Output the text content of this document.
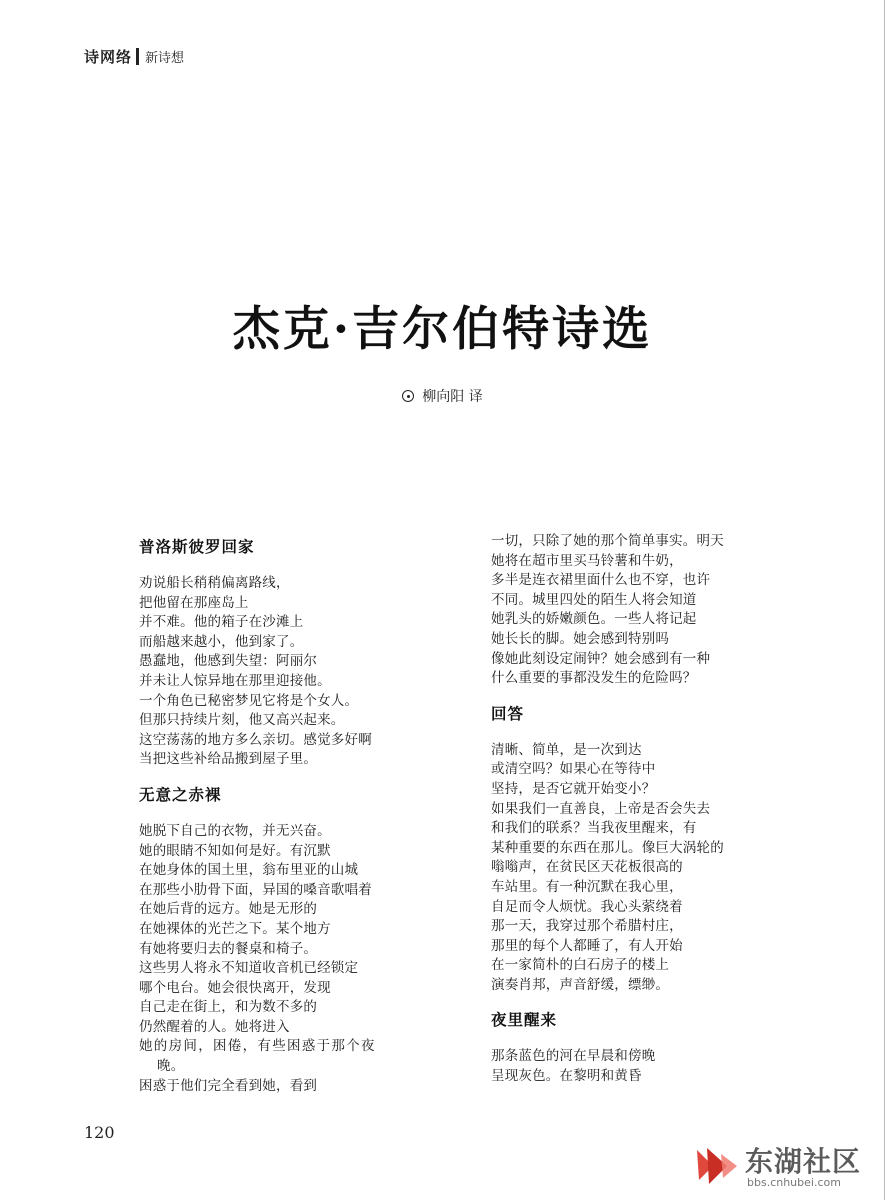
诗网络 新诗想
杰克·吉尔伯特诗选
柳向阳 译
普洛斯彼罗回家
劝说船长稍稍偏离路线，
把他留在那座岛上
并不难。他的箱子在沙滩上
而船越来越小，他到家了。
愚蠢地，他感到失望：阿丽尔
并未让人惊异地在那里迎接他。
一个角色已秘密梦见它将是个女人。
但那只持续片刻，他又高兴起来。
这空荡荡的地方多么亲切。感觉多好啊
当把这些补给品搬到屋子里。
无意之赤裸
她脱下自己的衣物，并无兴奋。
她的眼睛不知如何是好。有沉默
在她身体的国土里，翁布里亚的山城
在那些小肋骨下面，异国的嗓音歌唱着
在她后背的远方。她是无形的
在她裸体的光芒之下。某个地方
有她将要归去的餐桌和椅子。
这些男人将永不知道收音机已经锁定
哪个电台。她会很快离开，发现
自己走在街上，和为数不多的
仍然醒着的人。她将进入
她的房间，困倦，有些困惑于那个夜
晚。
困惑于他们完全看到她，看到
一切，只除了她的那个简单事实。明天
她将在超市里买马铃薯和牛奶，
多半是连衣裙里面什么也不穿，也许
不同。城里四处的陌生人将会知道
她乳头的娇嫩颜色。一些人将记起
她长长的脚。她会感到特别吗
像她此刻设定闹钟？她会感到有一种
什么重要的事都没发生的危险吗？
回答
清晰、简单，是一次到达
或清空吗？如果心在等待中
坚持，是否它就开始变小？
如果我们一直善良，上帝是否会失去
和我们的联系？当我夜里醒来，有
某种重要的东西在那儿。像巨大涡轮的
嗡嗡声，在贫民区天花板很高的
车站里。有一种沉默在我心里，
自足而令人烦忧。我心头萦绕着
那一天，我穿过那个希腊村庄，
那里的每个人都睡了，有人开始
在一家简朴的白石房子的楼上
演奏肖邦，声音舒缓，缥缈。
夜里醒来
那条蓝色的河在早晨和傍晚
呈现灰色。在黎明和黄昏
120
东湖社区
bbs.cnhubei.com
